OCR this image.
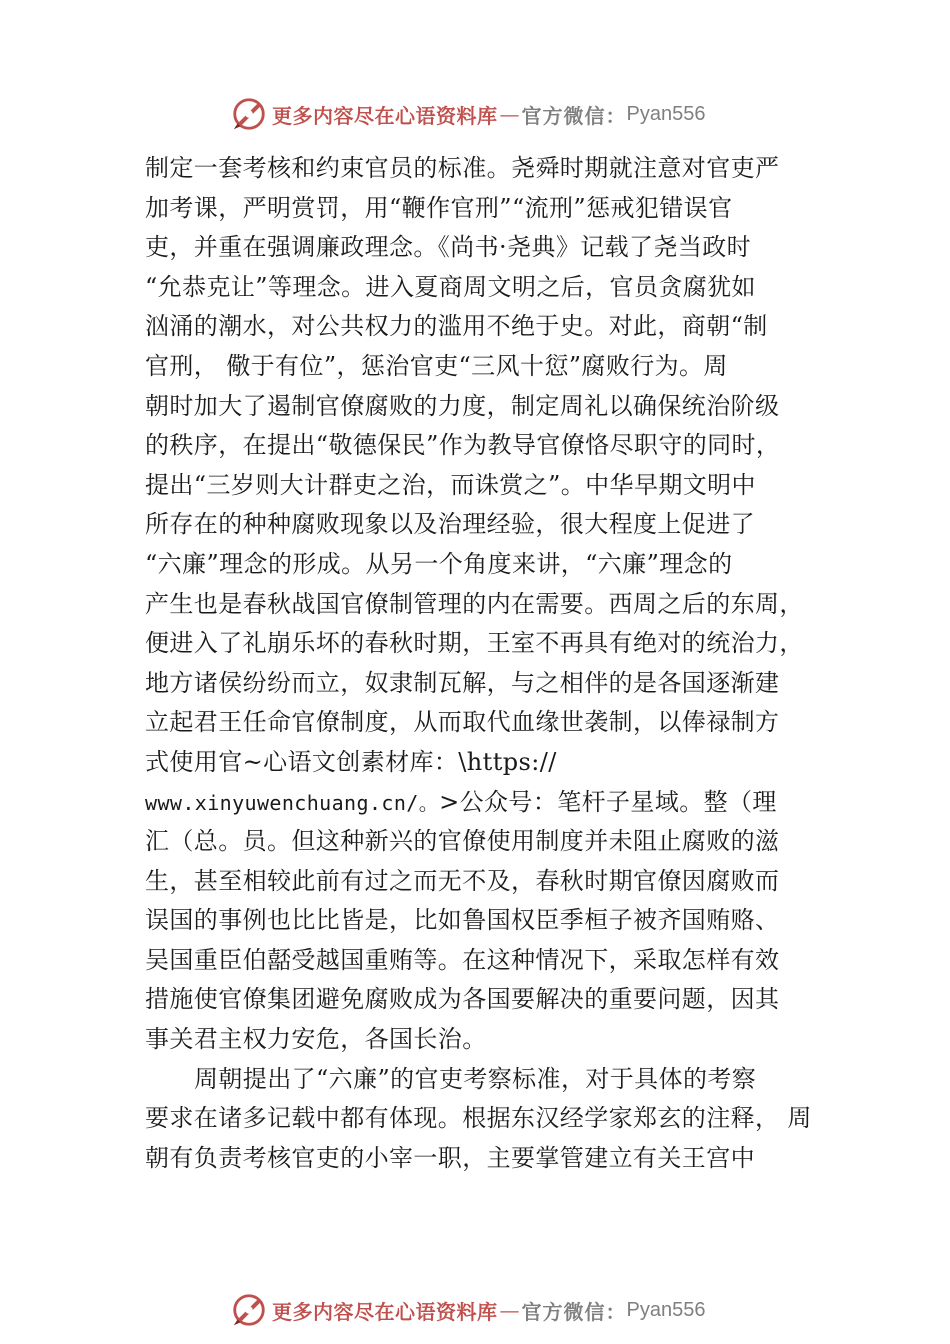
更多内容尽在心语资料库 — 官方微信： Pyan556
制定一套考核和约束官员的标准。尧舜时期就注意对官吏严
加考课，严明赏罚，用“鞭作官刑”“流刑”惩戒犯错误官
吏，并重在强调廉政理念。《尚书·尧典》记载了尧当政时
“允恭克让”等理念。进入夏商周文明之后，官员贪腐犹如
汹涌的潮水，对公共权力的滥用不绝于史。对此，商朝“制
官刑， 儆于有位”，惩治官吏“三风十愆”腐败行为。周
朝时加大了遏制官僚腐败的力度，制定周礼以确保统治阶级
的秩序，在提出“敬德保民”作为教导官僚恪尽职守的同时，
提出“三岁则大计群吏之治，而诛赏之”。中华早期文明中
所存在的种种腐败现象以及治理经验，很大程度上促进了
“六廉”理念的形成。从另一个角度来讲，“六廉”理念的
产生也是春秋战国官僚制管理的内在需要。西周之后的东周，
便进入了礼崩乐坏的春秋时期，王室不再具有绝对的统治力，
地方诸侯纷纷而立，奴隶制瓦解，与之相伴的是各国逐渐建
立起君王任命官僚制度，从而取代血缘世袭制，以俸禄制方
式使用官~心语文创素材库：\https://
www.xinyuwenchuang.cn/。>公众号：笔杆子星域。整（理
汇（总。员。但这种新兴的官僚使用制度并未阻止腐败的滋
生，甚至相较此前有过之而无不及，春秋时期官僚因腐败而
误国的事例也比比皆是，比如鲁国权臣季桓子被齐国贿赂、
吴国重臣伯嚭受越国重贿等。在这种情况下，采取怎样有效
措施使官僚集团避免腐败成为各国要解决的重要问题，因其
事关君主权力安危，各国长治。
周朝提出了“六廉”的官吏考察标准，对于具体的考察
要求在诸多记载中都有体现。根据东汉经学家郑玄的注释， 周
朝有负责考核官吏的小宰一职，主要掌管建立有关王宫中
更多内容尽在心语资料库 — 官方微信： Pyan556
